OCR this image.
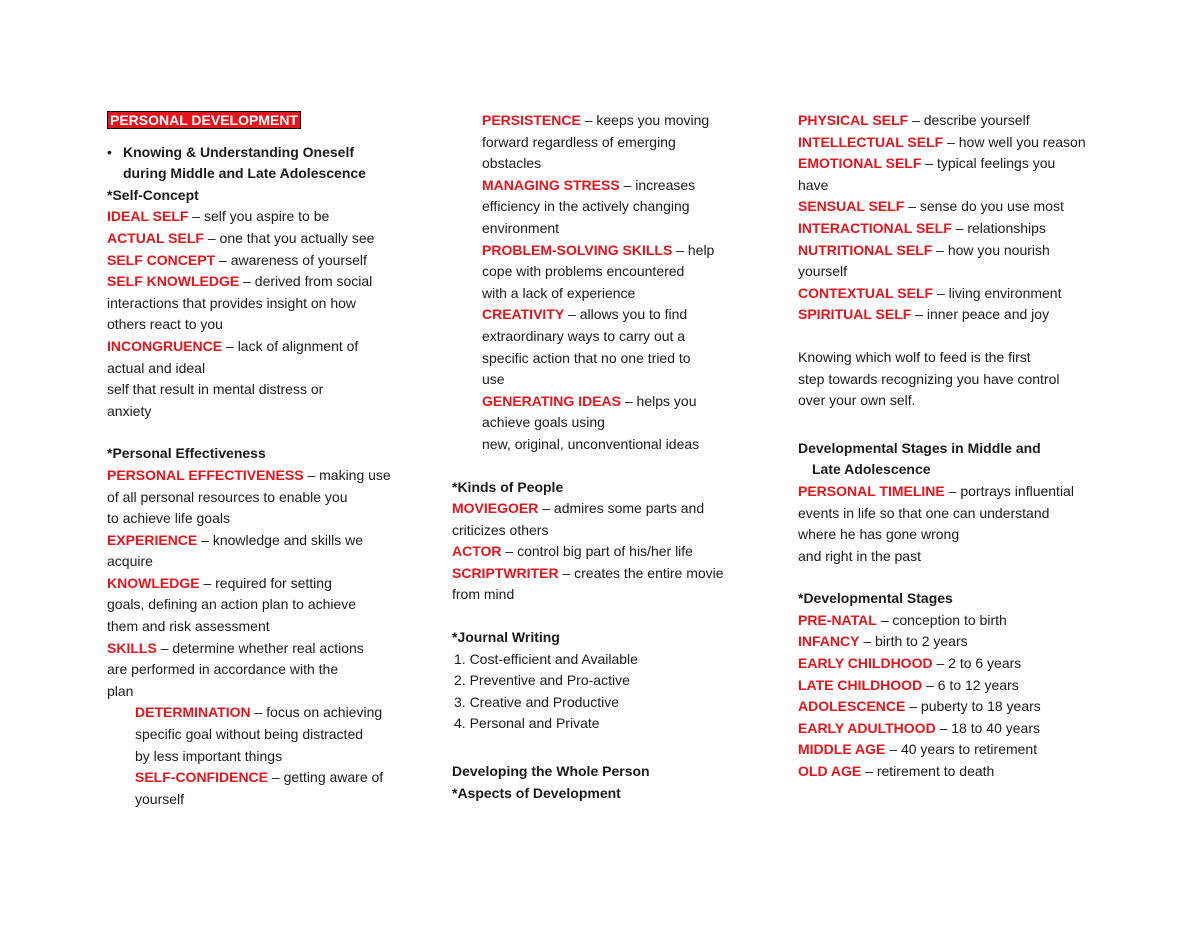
PERSONAL DEVELOPMENT
• Knowing & Understanding Oneself
during Middle and Late Adolescence
*Self-Concept
IDEAL SELF – self you aspire to be
ACTUAL SELF – one that you actually see
SELF CONCEPT – awareness of yourself
SELF KNOWLEDGE – derived from social
interactions that provides insight on how
others react to you
INCONGRUENCE – lack of alignment of
actual and ideal
self that result in mental distress or
anxiety
*Personal Effectiveness
PERSONAL EFFECTIVENESS – making use
of all personal resources to enable you
to achieve life goals
EXPERIENCE – knowledge and skills we
acquire
KNOWLEDGE – required for setting
goals, defining an action plan to achieve
them and risk assessment
SKILLS – determine whether real actions
are performed in accordance with the
plan
DETERMINATION – focus on achieving
specific goal without being distracted
by less important things
SELF-CONFIDENCE – getting aware of
yourself
PERSISTENCE – keeps you moving
forward regardless of emerging
obstacles
MANAGING STRESS – increases
efficiency in the actively changing
environment
PROBLEM-SOLVING SKILLS – help
cope with problems encountered
with a lack of experience
CREATIVITY – allows you to find
extraordinary ways to carry out a
specific action that no one tried to
use
GENERATING IDEAS – helps you
achieve goals using
new, original, unconventional ideas
*Kinds of People
MOVIEGOER – admires some parts and
criticizes others
ACTOR – control big part of his/her life
SCRIPTWRITER – creates the entire movie
from mind
*Journal Writing
1. Cost-efficient and Available
2. Preventive and Pro-active
3. Creative and Productive
4. Personal and Private
Developing the Whole Person
*Aspects of Development
PHYSICAL SELF – describe yourself
INTELLECTUAL SELF – how well you reason
EMOTIONAL SELF – typical feelings you
have
SENSUAL SELF – sense do you use most
INTERACTIONAL SELF – relationships
NUTRITIONAL SELF – how you nourish
yourself
CONTEXTUAL SELF – living environment
SPIRITUAL SELF – inner peace and joy
Knowing which wolf to feed is the first
step towards recognizing you have control
over your own self.
Developmental Stages in Middle and
Late Adolescence
PERSONAL TIMELINE – portrays influential
events in life so that one can understand
where he has gone wrong
and right in the past
*Developmental Stages
PRE-NATAL – conception to birth
INFANCY – birth to 2 years
EARLY CHILDHOOD – 2 to 6 years
LATE CHILDHOOD – 6 to 12 years
ADOLESCENCE – puberty to 18 years
EARLY ADULTHOOD – 18 to 40 years
MIDDLE AGE – 40 years to retirement
OLD AGE – retirement to death
